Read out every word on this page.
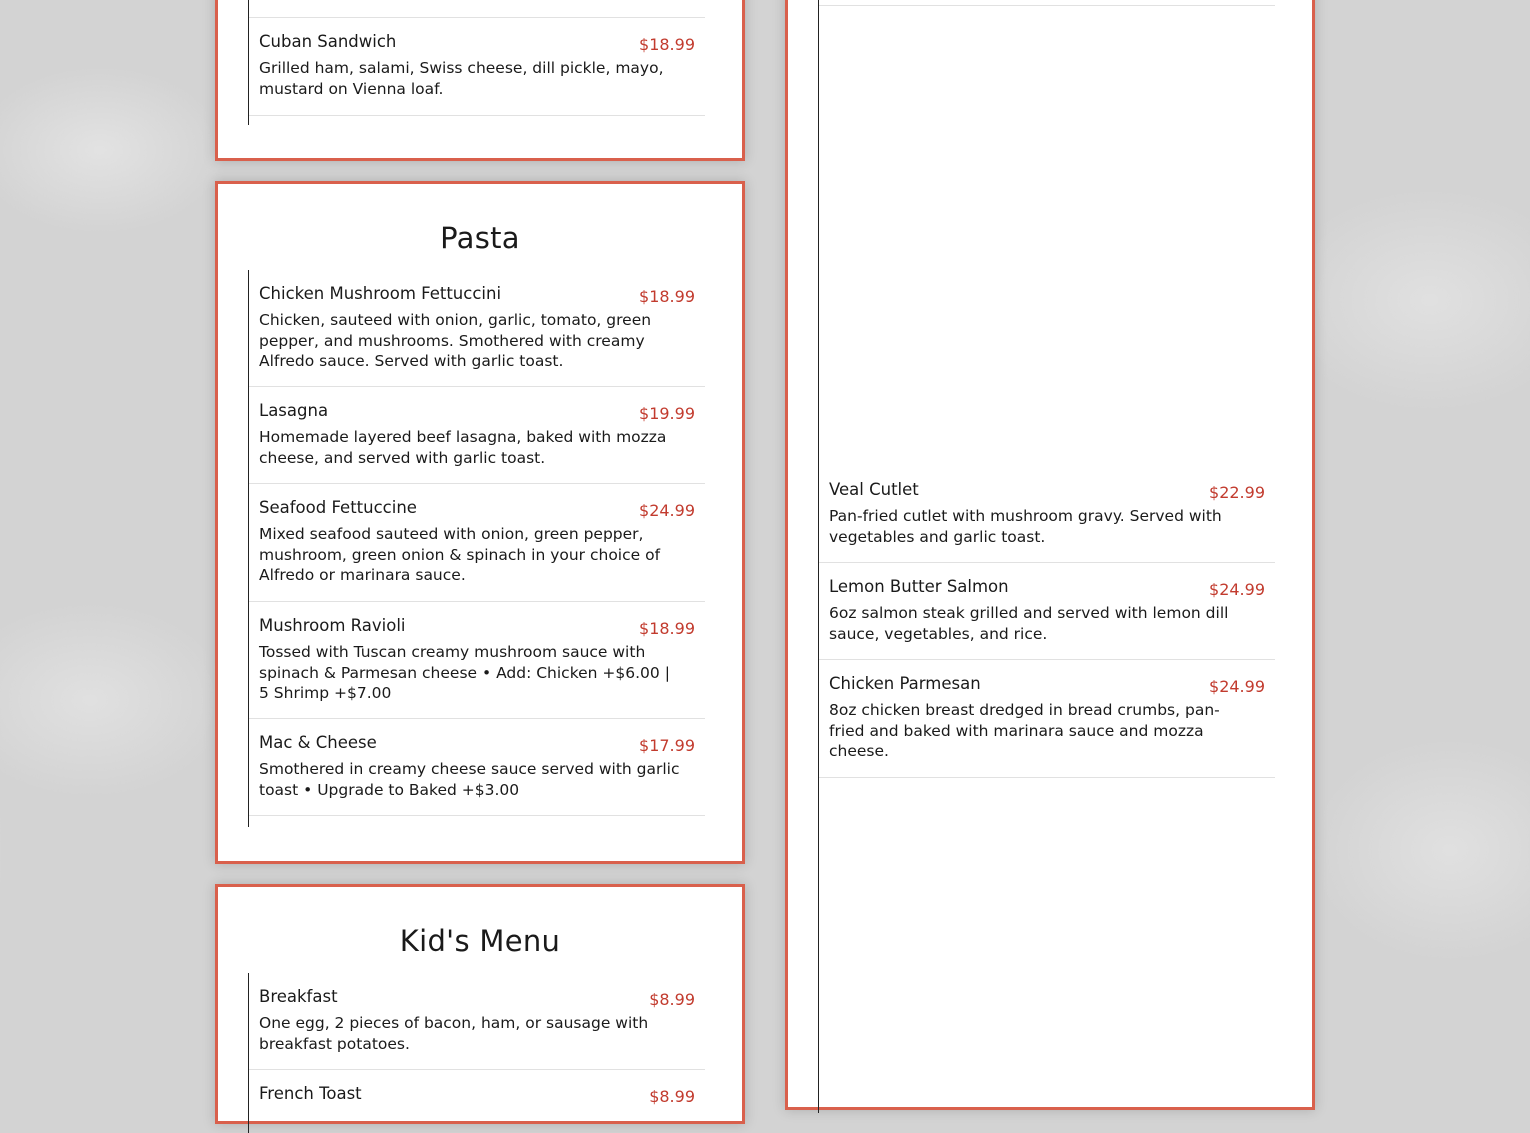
Cuban Sandwich	$18.99
Grilled ham, salami, Swiss cheese, dill pickle, mayo, mustard on Vienna loaf.
Pasta
Chicken Mushroom Fettuccini	$18.99
Chicken, sauteed with onion, garlic, tomato, green pepper, and mushrooms. Smothered with creamy Alfredo sauce. Served with garlic toast.
Lasagna	$19.99
Homemade layered beef lasagna, baked with mozza cheese, and served with garlic toast.
Seafood Fettuccine	$24.99
Mixed seafood sauteed with onion, green pepper, mushroom, green onion & spinach in your choice of Alfredo or marinara sauce.
Mushroom Ravioli	$18.99
Tossed with Tuscan creamy mushroom sauce with spinach & Parmesan cheese • Add: Chicken +$6.00 | 5 Shrimp +$7.00
Mac & Cheese	$17.99
Smothered in creamy cheese sauce served with garlic toast • Upgrade to Baked +$3.00
Kid's Menu
Breakfast	$8.99
One egg, 2 pieces of bacon, ham, or sausage with breakfast potatoes.
French Toast	$8.99
Veal Cutlet	$22.99
Pan-fried cutlet with mushroom gravy. Served with vegetables and garlic toast.
Lemon Butter Salmon	$24.99
6oz salmon steak grilled and served with lemon dill sauce, vegetables, and rice.
Chicken Parmesan	$24.99
8oz chicken breast dredged in bread crumbs, pan-fried and baked with marinara sauce and mozza cheese.
